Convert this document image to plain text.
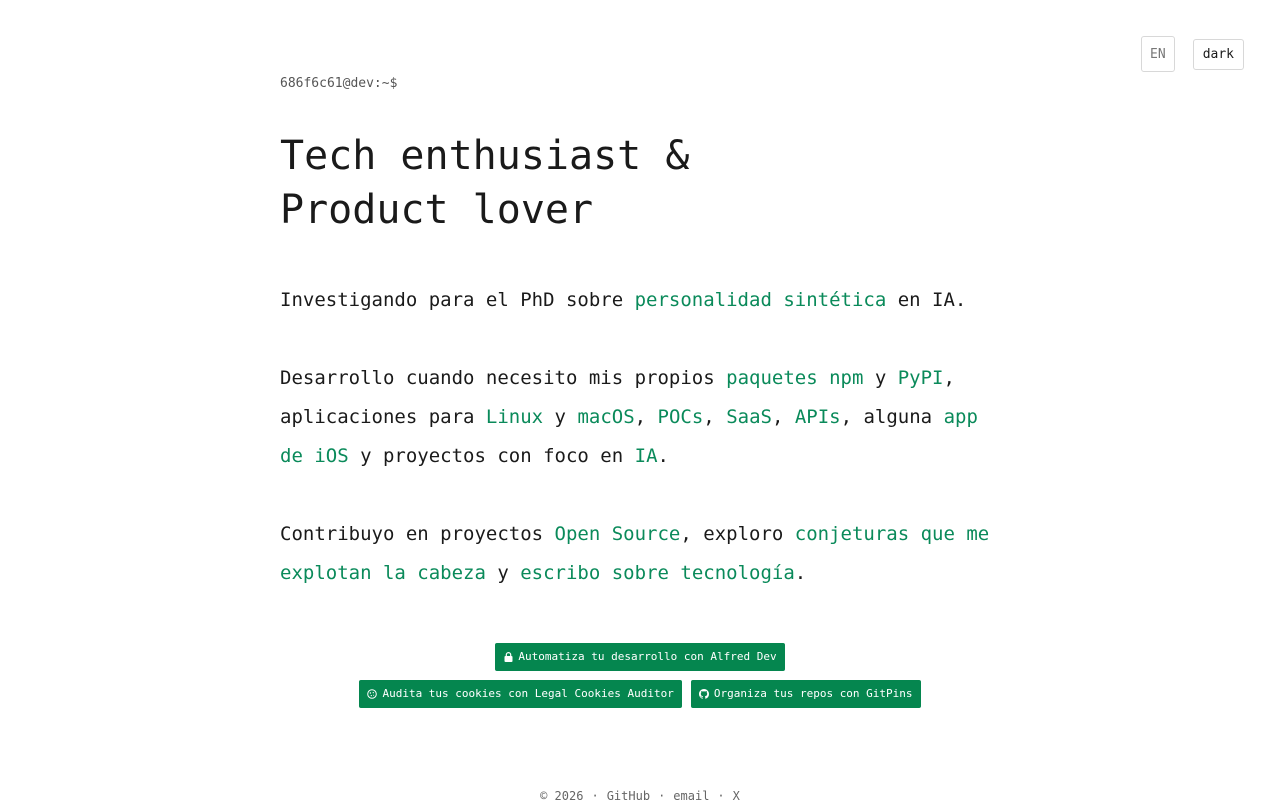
EN	dark

686f6c61@dev:~$

Tech enthusiast &
Product lover

Investigando para el PhD sobre personalidad sintética en IA.

Desarrollo cuando necesito mis propios paquetes npm y PyPI, aplicaciones para Linux y macOS, POCs, SaaS, APIs, alguna app de iOS y proyectos con foco en IA.

Contribuyo en proyectos Open Source, exploro conjeturas que me explotan la cabeza y escribo sobre tecnología.

Automatiza tu desarrollo con Alfred Dev
Audita tus cookies con Legal Cookies Auditor	Organiza tus repos con GitPins
© 2026 · GitHub · email · X
